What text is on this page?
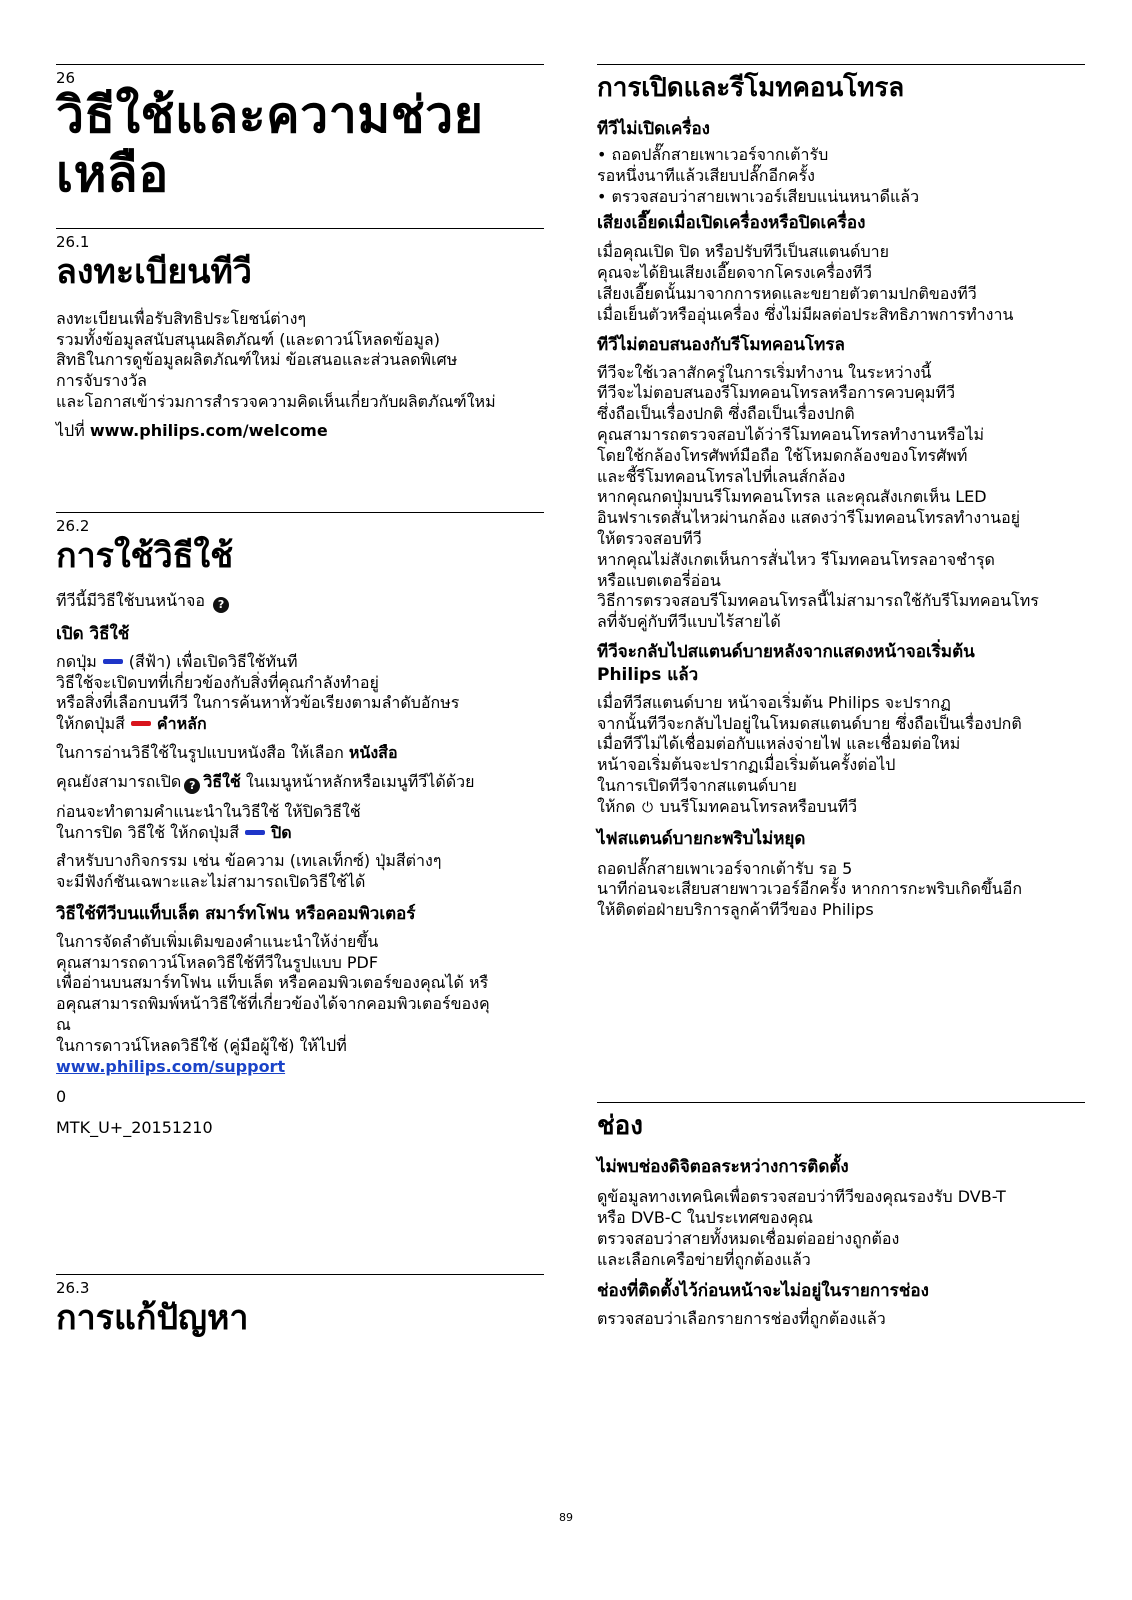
26
วิธีใช้และความช่วย
เหลือ
26.1
ลงทะเบียนทีวี
ลงทะเบียนเพื่อรับสิทธิประโยชน์ต่างๆ
รวมทั้งข้อมูลสนับสนุนผลิตภัณฑ์ (และดาวน์โหลดข้อมูล)
สิทธิในการดูข้อมูลผลิตภัณฑ์ใหม่ ข้อเสนอและส่วนลดพิเศษ
การจับรางวัล
และโอกาสเข้าร่วมการสำรวจความคิดเห็นเกี่ยวกับผลิตภัณฑ์ใหม่

ไปที่ www.philips.com/welcome

26.2
การใช้วิธีใช้

ทีวีนี้มีวิธีใช้บนหน้าจอ ?

เปิด วิธีใช้
กดปุ่ม (สีฟ้า) เพื่อเปิดวิธีใช้ทันที
วิธีใช้จะเปิดบทที่เกี่ยวข้องกับสิ่งที่คุณกำลังทำอยู่
หรือสิ่งที่เลือกบนทีวี ในการค้นหาหัวข้อเรียงตามลำดับอักษร
ให้กดปุ่มสี คำหลัก

ในการอ่านวิธีใช้ในรูปแบบหนังสือ ให้เลือก หนังสือ

คุณยังสามารถเปิด ? วิธีใช้ ในเมนูหน้าหลักหรือเมนูทีวีได้ด้วย

ก่อนจะทำตามคำแนะนำในวิธีใช้ ให้ปิดวิธีใช้
ในการปิด วิธีใช้ ให้กดปุ่มสี ปิด
สำหรับบางกิจกรรม เช่น ข้อความ (เทเลเท็กซ์) ปุ่มสีต่างๆ
จะมีฟังก์ชันเฉพาะและไม่สามารถเปิดวิธีใช้ได้
วิธีใช้ทีวีบนแท็บเล็ต สมาร์ทโฟน หรือคอมพิวเตอร์
ในการจัดลำดับเพิ่มเติมของคำแนะนำให้ง่ายขึ้น
คุณสามารถดาวน์โหลดวิธีใช้ทีวีในรูปแบบ PDF
เพื่ออ่านบนสมาร์ทโฟน แท็บเล็ต หรือคอมพิวเตอร์ของคุณได้ หรื
อคุณสามารถพิมพ์หน้าวิธีใช้ที่เกี่ยวข้องได้จากคอมพิวเตอร์ของคุ
ณ
ในการดาวน์โหลดวิธีใช้ (คู่มือผู้ใช้) ให้ไปที่
www.philips.com/support

0

MTK_U+_20151210

26.3
การแก้ปัญหา
การเปิดและรีโมทคอนโทรล
ทีวีไม่เปิดเครื่อง
• ถอดปลั๊กสายเพาเวอร์จากเต้ารับ
รอหนึ่งนาทีแล้วเสียบปลั๊กอีกครั้ง
• ตรวจสอบว่าสายเพาเวอร์เสียบแน่นหนาดีแล้ว
เสียงเอี๊ยดเมื่อเปิดเครื่องหรือปิดเครื่อง
เมื่อคุณเปิด ปิด หรือปรับทีวีเป็นสแตนด์บาย
คุณจะได้ยินเสียงเอี๊ยดจากโครงเครื่องทีวี
เสียงเอี๊ยดนั้นมาจากการหดและขยายตัวตามปกติของทีวี
เมื่อเย็นตัวหรืออุ่นเครื่อง ซึ่งไม่มีผลต่อประสิทธิภาพการทำงาน
ทีวีไม่ตอบสนองกับรีโมทคอนโทรล
ทีวีจะใช้เวลาสักครู่ในการเริ่มทำงาน ในระหว่างนี้
ทีวีจะไม่ตอบสนองรีโมทคอนโทรลหรือการควบคุมทีวี
ซึ่งถือเป็นเรื่องปกติ ซึ่งถือเป็นเรื่องปกติ
คุณสามารถตรวจสอบได้ว่ารีโมทคอนโทรลทำงานหรือไม่
โดยใช้กล้องโทรศัพท์มือถือ ใช้โหมดกล้องของโทรศัพท์
และชี้รีโมทคอนโทรลไปที่เลนส์กล้อง
หากคุณกดปุ่มบนรีโมทคอนโทรล และคุณสังเกตเห็น LED
อินฟราเรดสั่นไหวผ่านกล้อง แสดงว่ารีโมทคอนโทรลทำงานอยู่
ให้ตรวจสอบทีวี
หากคุณไม่สังเกตเห็นการสั่นไหว รีโมทคอนโทรลอาจชำรุด
หรือแบตเตอรี่อ่อน
วิธีการตรวจสอบรีโมทคอนโทรลนี้ไม่สามารถใช้กับรีโมทคอนโทร
ลที่จับคู่กับทีวีแบบไร้สายได้
ทีวีจะกลับไปสแตนด์บายหลังจากแสดงหน้าจอเริ่มต้น
Philips แล้ว
เมื่อทีวีสแตนด์บาย หน้าจอเริ่มต้น Philips จะปรากฏ
จากนั้นทีวีจะกลับไปอยู่ในโหมดสแตนด์บาย ซึ่งถือเป็นเรื่องปกติ
เมื่อทีวีไม่ได้เชื่อมต่อกับแหล่งจ่ายไฟ และเชื่อมต่อใหม่
หน้าจอเริ่มต้นจะปรากฏเมื่อเริ่มต้นครั้งต่อไป
ในการเปิดทีวีจากสแตนด์บาย
ให้กด ⏻ บนรีโมทคอนโทรลหรือบนทีวี
ไฟสแตนด์บายกะพริบไม่หยุด
ถอดปลั๊กสายเพาเวอร์จากเต้ารับ รอ 5
นาทีก่อนจะเสียบสายพาวเวอร์อีกครั้ง หากการกะพริบเกิดขึ้นอีก
ให้ติดต่อฝ่ายบริการลูกค้าทีวีของ Philips
ช่อง
ไม่พบช่องดิจิตอลระหว่างการติดตั้ง
ดูข้อมูลทางเทคนิคเพื่อตรวจสอบว่าทีวีของคุณรองรับ DVB-T
หรือ DVB-C ในประเทศของคุณ
ตรวจสอบว่าสายทั้งหมดเชื่อมต่ออย่างถูกต้อง
และเลือกเครือข่ายที่ถูกต้องแล้ว
ช่องที่ติดตั้งไว้ก่อนหน้าจะไม่อยู่ในรายการช่อง

ตรวจสอบว่าเลือกรายการช่องที่ถูกต้องแล้ว

89
